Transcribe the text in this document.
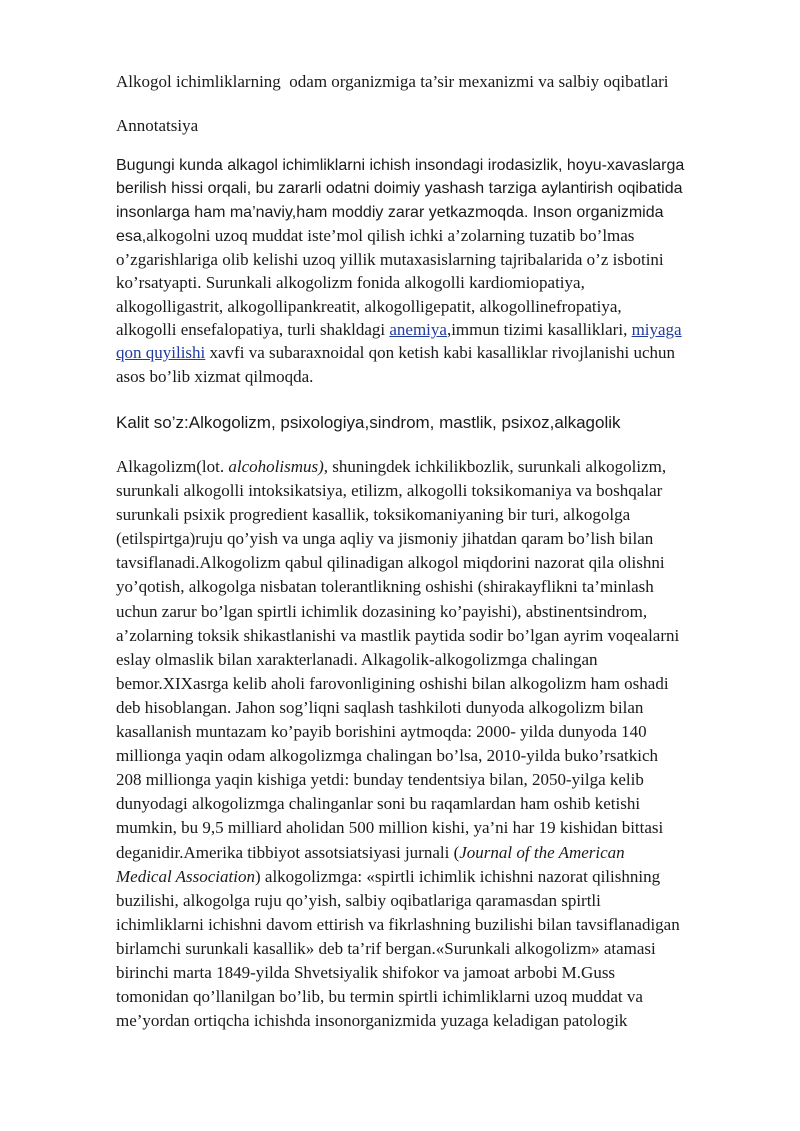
Alkogol ichimliklarning  odam organizmiga ta’sir mexanizmi va salbiy oqibatlari
Annotatsiya
Bugungi kunda alkagol ichimliklarni ichish insondagi irodasizlik, hoyu-xavaslarga
berilish hissi orqali, bu zararli odatni doimiy yashash tarziga aylantirish oqibatida
insonlarga ham ma’naviy,ham moddiy zarar yetkazmoqda. Inson organizmida
esa,alkogolni uzoq muddat iste’mol qilish ichki a’zolarning tuzatib bo’lmas
o’zgarishlariga olib kelishi uzoq yillik mutaxasislarning tajribalarida o’z isbotini
ko’rsatyapti. Surunkali alkogolizm fonida alkogolli kardiomiopatiya,
alkogolligastrit, alkogollipankreatit, alkogolligepatit, alkogollinefropatiya,
alkogolli ensefalopatiya, turli shakldagi anemiya,immun tizimi kasalliklari, miyaga
qon quyilishi xavfi va subaraxnoidal qon ketish kabi kasalliklar rivojlanishi uchun
asos bo’lib xizmat qilmoqda.
Kalit so’z:Alkogolizm, psixologiya,sindrom, mastlik, psixoz,alkagolik
Alkagolizm(lot. alcoholismus), shuningdek ichkilikbozlik, surunkali alkogolizm,
surunkali alkogolli intoksikatsiya, etilizm, alkogolli toksikomaniya va boshqalar
surunkali psixik progredient kasallik, toksikomaniyaning bir turi, alkogolga
(etilspirtga)ruju qo’yish va unga aqliy va jismoniy jihatdan qaram bo’lish bilan
tavsiflanadi.Alkogolizm qabul qilinadigan alkogol miqdorini nazorat qila olishni
yo’qotish, alkogolga nisbatan tolerantlikning oshishi (shirakayflikni ta’minlash
uchun zarur bo’lgan spirtli ichimlik dozasining ko’payishi), abstinentsindrom,
a’zolarning toksik shikastlanishi va mastlik paytida sodir bo’lgan ayrim voqealarni
eslay olmaslik bilan xarakterlanadi. Alkagolik-alkogolizmga chalingan
bemor.XIXasrga kelib aholi farovonligining oshishi bilan alkogolizm ham oshadi
deb hisoblangan. Jahon sog’liqni saqlash tashkiloti dunyoda alkogolizm bilan
kasallanish muntazam ko’payib borishini aytmoqda: 2000- yilda dunyoda 140
millionga yaqin odam alkogolizmga chalingan bo’lsa, 2010-yilda buko’rsatkich
208 millionga yaqin kishiga yetdi: bunday tendentsiya bilan, 2050-yilga kelib
dunyodagi alkogolizmga chalinganlar soni bu raqamlardan ham oshib ketishi
mumkin, bu 9,5 milliard aholidan 500 million kishi, ya’ni har 19 kishidan bittasi
deganidir.Amerika tibbiyot assotsiatsiyasi jurnali (Journal of the American
Medical Association) alkogolizmga: «spirtli ichimlik ichishni nazorat qilishning
buzilishi, alkogolga ruju qo’yish, salbiy oqibatlariga qaramasdan spirtli
ichimliklarni ichishni davom ettirish va fikrlashning buzilishi bilan tavsiflanadigan
birlamchi surunkali kasallik» deb ta’rif bergan.«Surunkali alkogolizm» atamasi
birinchi marta 1849-yilda Shvetsiyalik shifokor va jamoat arbobi M.Guss
tomonidan qo’llanilgan bo’lib, bu termin spirtli ichimliklarni uzoq muddat va
me’yordan ortiqcha ichishda insonorganizmida yuzaga keladigan patologik
